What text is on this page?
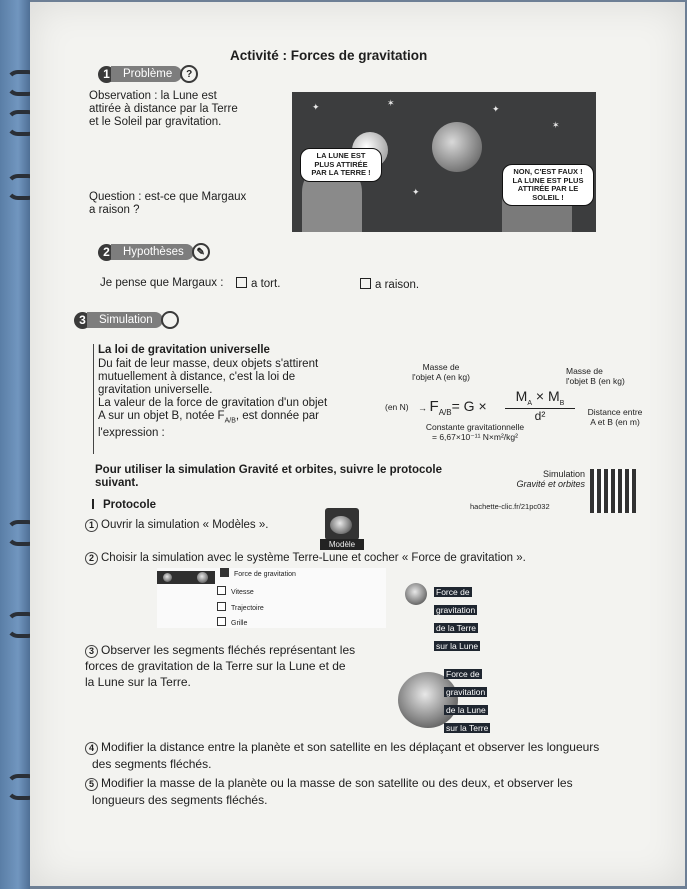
Activité : Forces de gravitation
1	Problème	?
Observation : la Lune est
attirée à distance par la Terre
et le Soleil par gravitation.
✦	✶
✦
✶
✦
LA LUNE EST PLUS ATTIRÉE PAR LA TERRE !	NON, C'EST FAUX ! LA LUNE EST PLUS ATTIRÉE PAR LE SOLEIL !
Question : est-ce que Margaux
a raison ?
2	Hypothèses	✎
Je pense que Margaux :	a tort.	a raison.
3	Simulation
La loi de gravitation universelle
Du fait de leur masse, deux objets s'attirent
mutuellement à distance, c'est la loi de
gravitation universelle.
La valeur de la force de gravitation d'un objet
A sur un objet B, notée $F_{A/B}$, est donnée par
l'expression :
Masse de
l'objet A (en kg)
Masse de
l'objet B (en kg)
(en $N) \to F_{A/B}= G$ ×
$M_A \times M_B$
d²	Distance entre
A et B (en m)
Constante gravitationnelle
= 6,67×10⁻¹¹ N×m²/kg²
Pour utiliser la simulation Gravité et orbites, suivre le protocole
suivant.
Simulation
Gravité et orbites
hachette-clic.fr/21pc032
Protocole
1 Ouvrir la simulation « Modèles ».
Modèle
2 Choisir la simulation avec le système Terre-Lune et cocher « Force de gravitation ».
Force de gravitation
Vitesse
Trajectoire
Grille
Force de
gravitation
de la Terre
sur la Lune
3 Observer les segments fléchés représentant les
forces de gravitation de la Terre sur la Lune et de
la Lune sur la Terre.
Force de
gravitation
de la Lune
sur la Terre
4 Modifier la distance entre la planète et son satellite en les déplaçant et observer les longueurs
des segments fléchés.
5 Modifier la masse de la planète ou la masse de son satellite ou des deux, et observer les
longueurs des segments fléchés.
